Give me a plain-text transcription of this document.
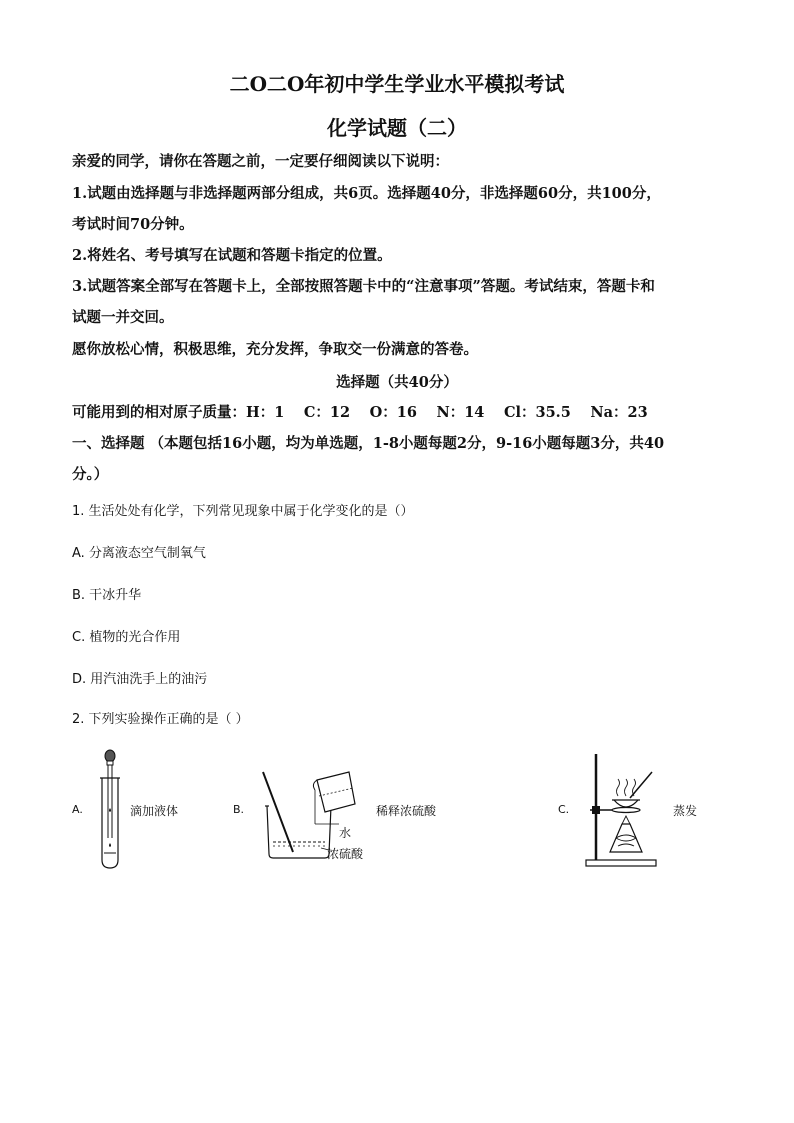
二O二O年初中学生学业水平模拟考试
化学试题（二）
亲爱的同学，请你在答题之前，一定要仔细阅读以下说明：
1.试题由选择题与非选择题两部分组成，共6页。选择题40分，非选择题60分，共100分，
考试时间70分钟。
2.将姓名、考号填写在试题和答题卡指定的位置。
3.试题答案全部写在答题卡上，全部按照答题卡中的“注意事项”答题。考试结束，答题卡和
试题一并交回。
愿你放松心情，积极思维，充分发挥，争取交一份满意的答卷。
选择题（共40分）
可能用到的相对原子质量：H：1　 C：12　 O：16　 N：14　 Cl：35.5　 Na：23
一、选择题 （本题包括16小题，均为单选题，1-8小题每题2分，9-16小题每题3分，共40
分。）
1. 生活处处有化学，下列常见现象中属于化学变化的是（）
A. 分离液态空气制氧气
B. 干冰升华
C. 植物的光合作用
D. 用汽油洗手上的油污
2. 下列实验操作正确的是（ ）
A.	滴加液体	B.
水
浓硫酸
稀释浓硫酸	C.	蒸发
